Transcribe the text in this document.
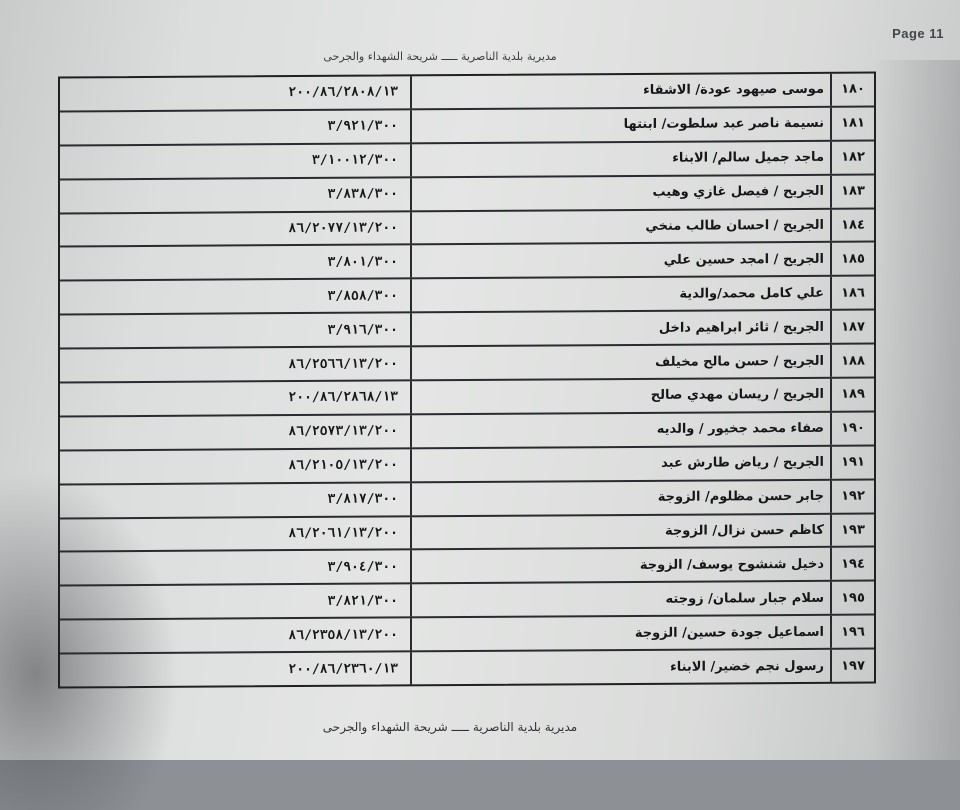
Page 11
مديرية بلدية الناصرية ـــــ شريحة الشهداء والجرحى
٢٠٠/٨٦/٢٨٠٨/١٣	موسى صيهود عودة/ الاشقاء	١٨٠
٣/٩٢١/٣٠٠	نسيمة ناصر عبد سلطوت/ ابنتها	١٨١
٣/١٠٠١٢/٣٠٠	ماجد جميل سالم/ الابناء	١٨٢
٣/٨٣٨/٣٠٠	الجريح / فيصل غازي وهيب	١٨٣
٨٦/٢٠٧٧/١٣/٢٠٠	الجريح / احسان طالب منخي	١٨٤
٣/٨٠١/٣٠٠	الجريح / امجد حسين علي	١٨٥
٣/٨٥٨/٣٠٠	علي كامل محمد/والدية	١٨٦
٣/٩١٦/٣٠٠	الجريح / ثائر ابراهيم داخل	١٨٧
٨٦/٢٥٦٦/١٣/٢٠٠	الجريح / حسن مالح مخيلف	١٨٨
٢٠٠/٨٦/٢٨٦٨/١٣	الجريح / ريسان مهدي صالح	١٨٩
٨٦/٢٥٧٣/١٣/٢٠٠	صفاء محمد جخيور / والديه	١٩٠
٨٦/٢١٠٥/١٣/٢٠٠	الجريح / رياض طارش عبد	١٩١
٣/٨١٧/٣٠٠	جابر حسن مظلوم/ الزوجة	١٩٢
٨٦/٢٠٦١/١٣/٢٠٠	كاظم حسن نزال/ الزوجة	١٩٣
٣/٩٠٤/٣٠٠	دخيل شنشوح يوسف/ الزوجة	١٩٤
٣/٨٢١/٣٠٠	سلام جبار سلمان/ زوجته	١٩٥
٨٦/٢٣٥٨/١٣/٢٠٠	اسماعيل جودة حسين/ الزوجة	١٩٦
٢٠٠/٨٦/٢٣٦٠/١٣	رسول نجم خضير/ الابناء	١٩٧
مديرية بلدية الناصرية ـــــ شريحة الشهداء والجرحى
